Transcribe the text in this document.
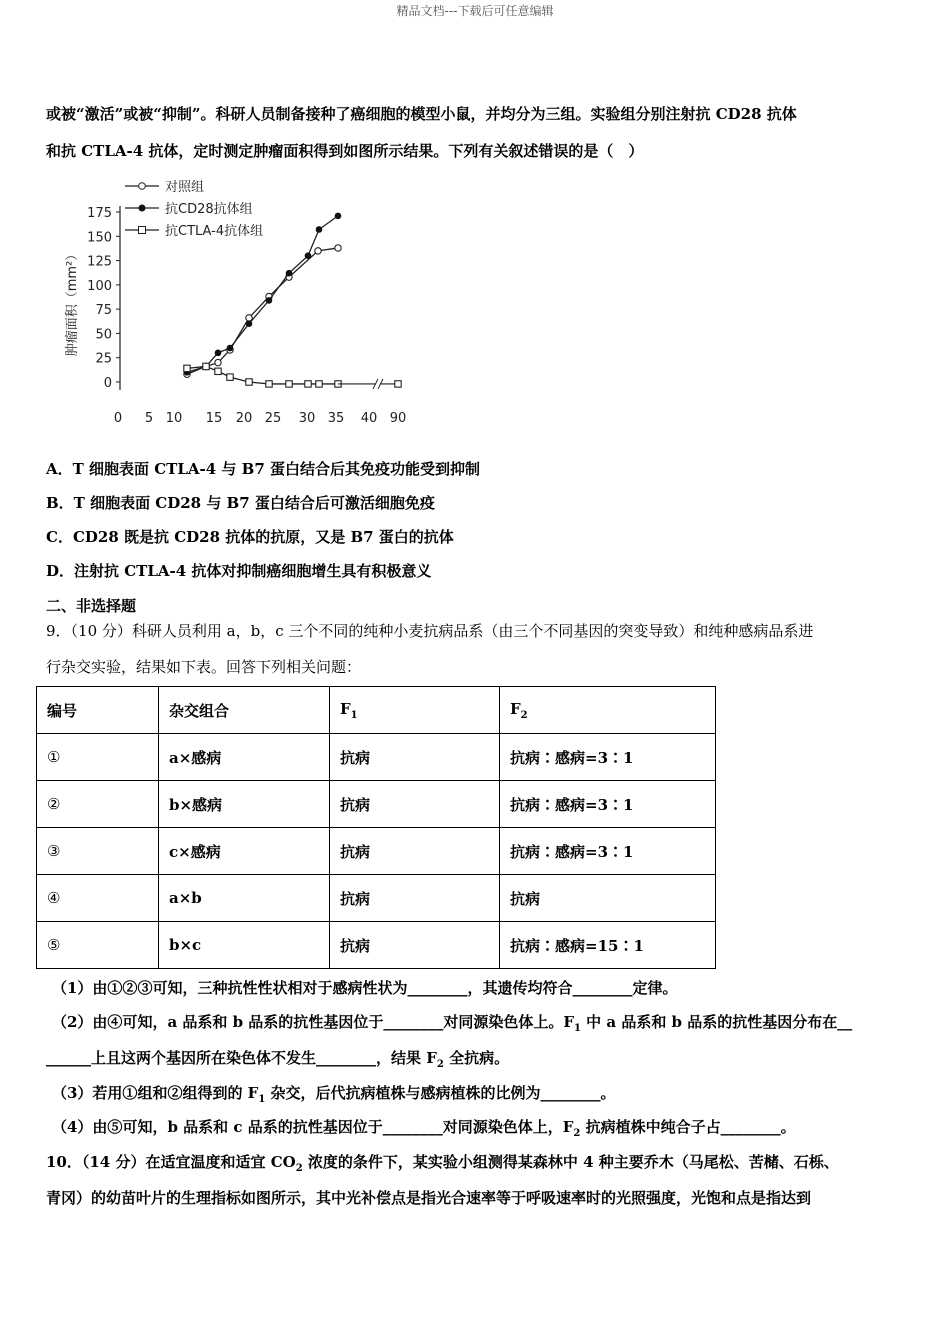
精品文档---下载后可任意编辑
或被“激活”或被“抑制”。科研人员制备接种了癌细胞的模型小鼠，并均分为三组。实验组分别注射抗 CD28 抗体
和抗 CTLA-4 抗体，定时测定肿瘤面积得到如图所示结果。下列有关叙述错误的是（　）
0
25
50
75
100
125
150
175
0 5 10 15 20 25 30 35 40 90
肿瘤面积（mm²）
对照组
抗CD28抗体组
抗CTLA-4抗体组
A．T 细胞表面 CTLA-4 与 B7 蛋白结合后其免疫功能受到抑制
B．T 细胞表面 CD28 与 B7 蛋白结合后可激活细胞免疫
C．CD28 既是抗 CD28 抗体的抗原，又是 B7 蛋白的抗体
D．注射抗 CTLA-4 抗体对抑制癌细胞增生具有积极意义
二、非选择题
9．（10 分）科研人员利用 a，b，c 三个不同的纯种小麦抗病品系（由三个不同基因的突变导致）和纯种感病品系进
行杂交实验，结果如下表。回答下列相关问题：
编号	杂交组合	$F_1$	$F_2$
①	a×感病	抗病	抗病∶感病=3∶1
②	b×感病	抗病	抗病∶感病=3∶1
③	c×感病	抗病	抗病∶感病=3∶1
④	a×b	抗病	抗病
⑤	b×c	抗病	抗病∶感病=15∶1
（1）由①②③可知，三种抗性性状相对于感病性状为________，其遗传均符合________定律。
（2）由④可知，a 品系和 b 品系的抗性基因位于________对同源染色体上。$F_1$ 中 a 品系和 b 品系的抗性基因分布在__
______上且这两个基因所在染色体不发生________，结果 $F_2$ 全抗病。
（3）若用①组和②组得到的 $F_1$ 杂交，后代抗病植株与感病植株的比例为________。
（4）由⑤可知，b 品系和 c 品系的抗性基因位于________对同源染色体上，$F_2$ 抗病植株中纯合子占________。
10．（14 分）在适宜温度和适宜 $CO_2$ 浓度的条件下，某实验小组测得某森林中 4 种主要乔木（马尾松、苦槠、石栎、
青冈）的幼苗叶片的生理指标如图所示，其中光补偿点是指光合速率等于呼吸速率时的光照强度，光饱和点是指达到
